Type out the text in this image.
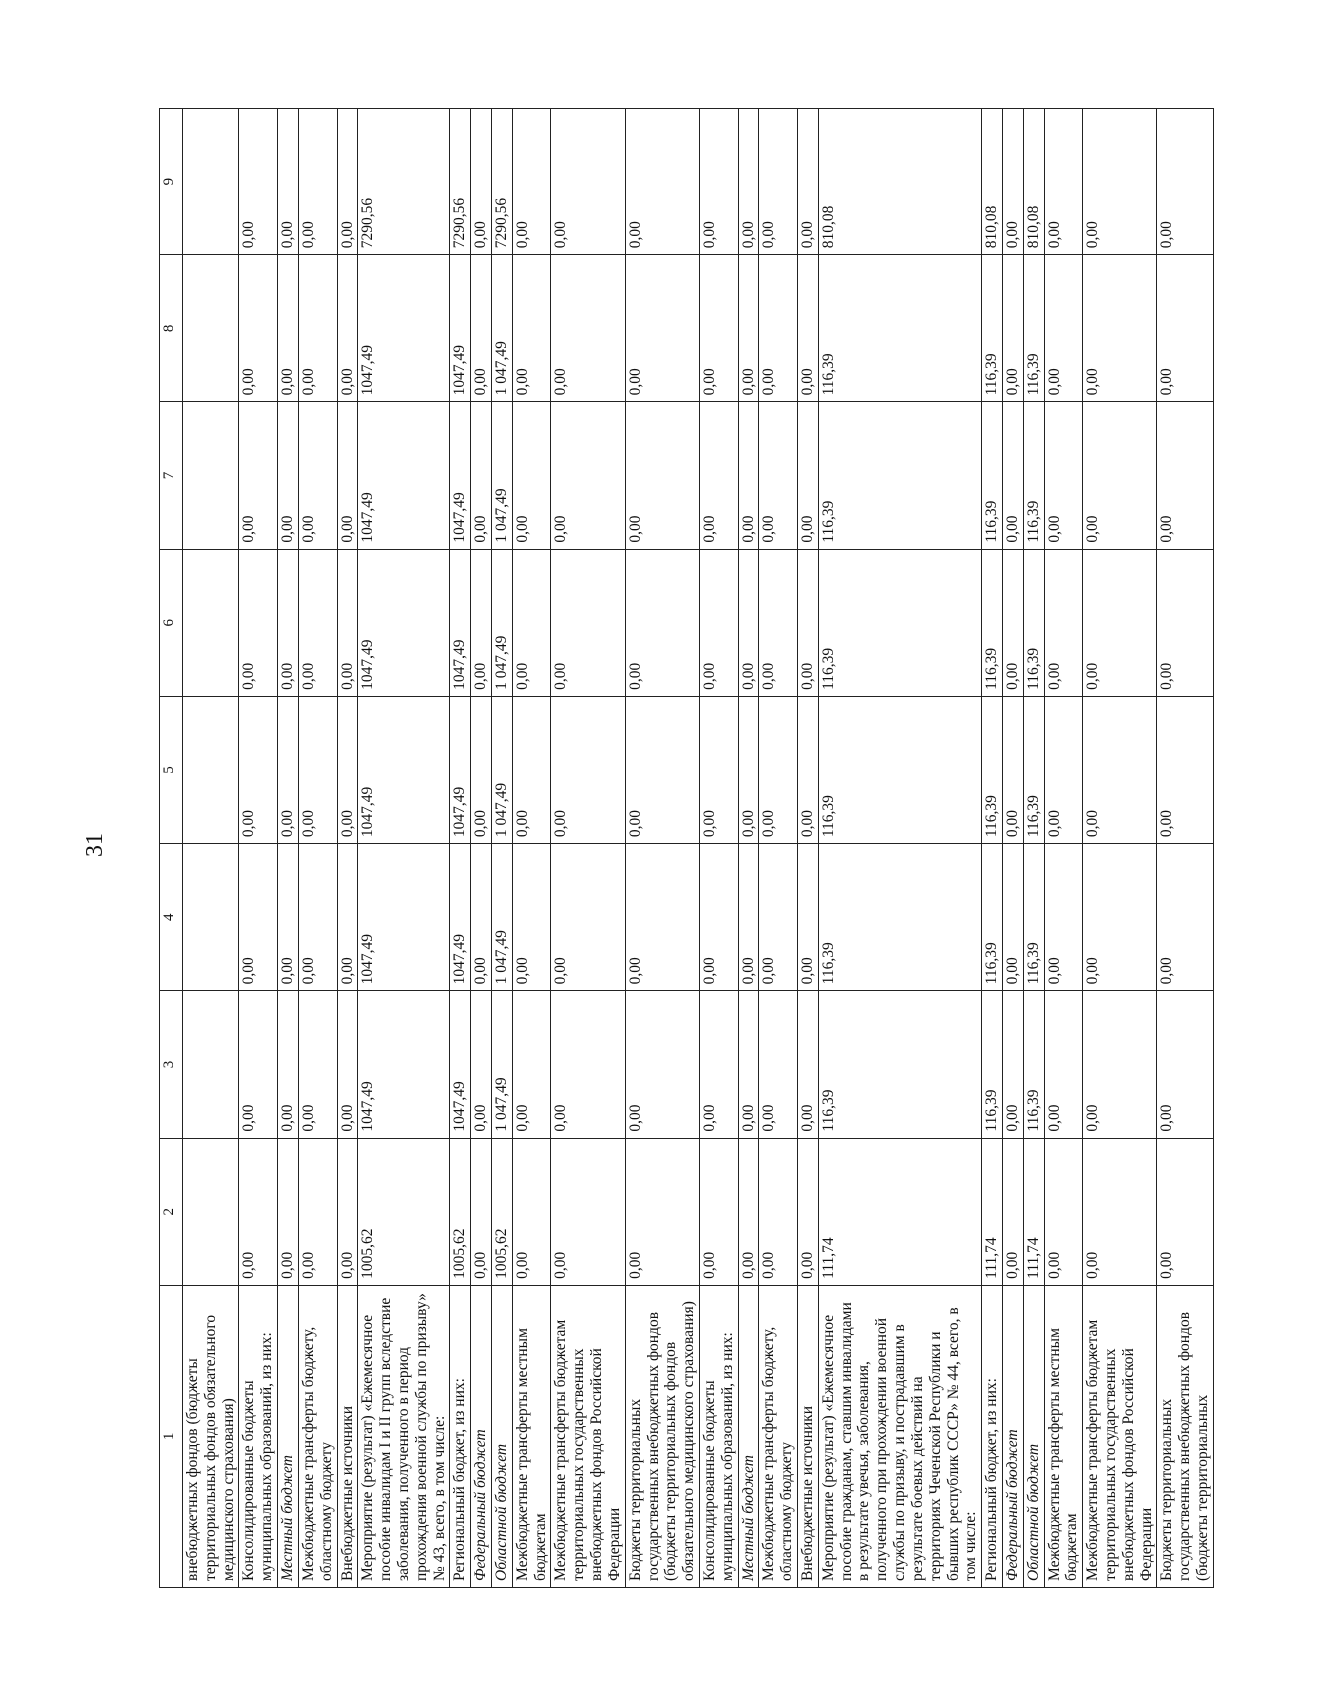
31
1	2	3	4	5	6	7	8	9
внебюджетных фондов (бюджеты территориальных фондов обязательного медицинского страхования)								
Консолидированные бюджеты муниципальных образований, из них:	0,00	0,00	0,00	0,00	0,00	0,00	0,00	0,00
Местный бюджет	0,00	0,00	0,00	0,00	0,00	0,00	0,00	0,00
Межбюджетные трансферты бюджету, областному бюджету	0,00	0,00	0,00	0,00	0,00	0,00	0,00	0,00
Внебюджетные источники	0,00	0,00	0,00	0,00	0,00	0,00	0,00	0,00
Мероприятие (результат) «Ежемесячное пособие инвалидам I и II групп вследствие заболевания, полученного в период прохождения военной службы по призыву» № 43, всего, в том числе:	1005,62	1047,49	1047,49	1047,49	1047,49	1047,49	1047,49	7290,56
Региональный бюджет, из них:	1005,62	1047,49	1047,49	1047,49	1047,49	1047,49	1047,49	7290,56
Федеральный бюджет	0,00	0,00	0,00	0,00	0,00	0,00	0,00	0,00
Областной бюджет	1005,62	1 047,49	1 047,49	1 047,49	1 047,49	1 047,49	1 047,49	7290,56
Межбюджетные трансферты местным бюджетам	0,00	0,00	0,00	0,00	0,00	0,00	0,00	0,00
Межбюджетные трансферты бюджетам территориальных государственных внебюджетных фондов Российской Федерации	0,00	0,00	0,00	0,00	0,00	0,00	0,00	0,00
Бюджеты территориальных государственных внебюджетных фондов (бюджеты территориальных фондов обязательного медицинского страхования)	0,00	0,00	0,00	0,00	0,00	0,00	0,00	0,00
Консолидированные бюджеты муниципальных образований, из них:	0,00	0,00	0,00	0,00	0,00	0,00	0,00	0,00
Местный бюджет	0,00	0,00	0,00	0,00	0,00	0,00	0,00	0,00
Межбюджетные трансферты бюджету, областному бюджету	0,00	0,00	0,00	0,00	0,00	0,00	0,00	0,00
Внебюджетные источники	0,00	0,00	0,00	0,00	0,00	0,00	0,00	0,00
Мероприятие (результат) «Ежемесячное пособие гражданам, ставшим инвалидами в результате увечья, заболевания, полученного при прохождении военной службы по призыву, и пострадавшим в результате боевых действий на территориях Чеченской Республики и бывших республик СССР» № 44, всего, в том числе:	111,74	116,39	116,39	116,39	116,39	116,39	116,39	810,08
Региональный бюджет, из них:	111,74	116,39	116,39	116,39	116,39	116,39	116,39	810,08
Федеральный бюджет	0,00	0,00	0,00	0,00	0,00	0,00	0,00	0,00
Областной бюджет	111,74	116,39	116,39	116,39	116,39	116,39	116,39	810,08
Межбюджетные трансферты местным бюджетам	0,00	0,00	0,00	0,00	0,00	0,00	0,00	0,00
Межбюджетные трансферты бюджетам территориальных государственных внебюджетных фондов Российской Федерации	0,00	0,00	0,00	0,00	0,00	0,00	0,00	0,00
Бюджеты территориальных государственных внебюджетных фондов (бюджеты территориальных	0,00	0,00	0,00	0,00	0,00	0,00	0,00	0,00
